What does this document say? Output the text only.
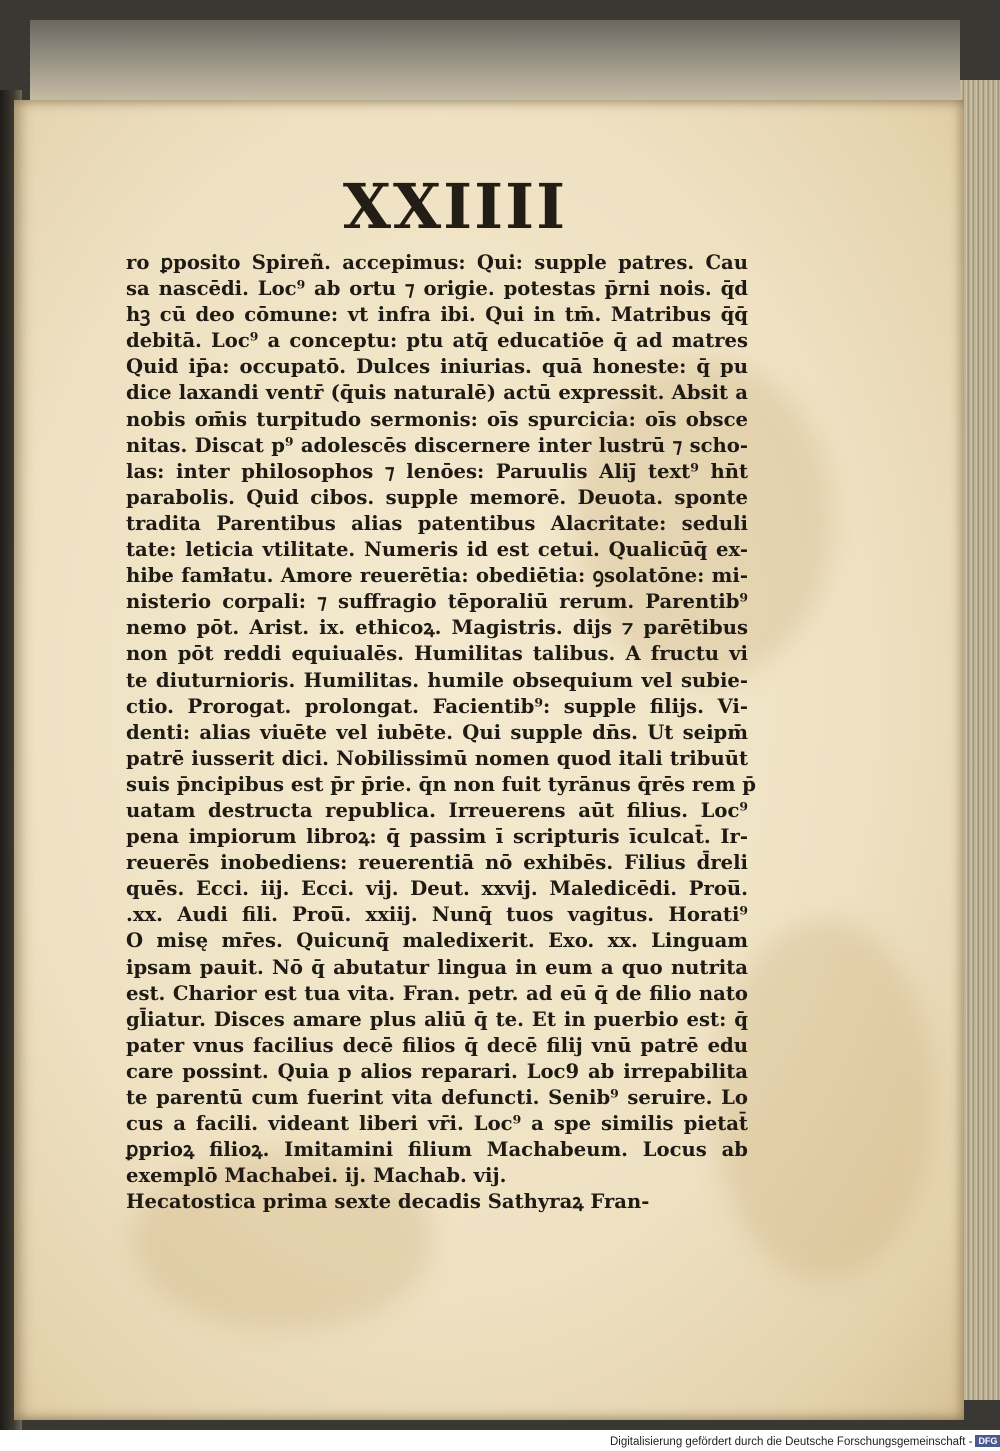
XXIIII
ro ꝑposito Spireñ. accepimus: Qui: supple patres. Cau
sa nascēdi. Loc⁹ ab ortu ⁊ origie. potestas p̄rni nois. q̄d
hꝫ cū deo cōmune: vt infra ibi. Qui in tm̄. Matribus q̄q̄
debitā. Loc⁹ a conceptu: ptu atq̄ educatiōe q̄ ad matres
Quid ip̄a: occupatō. Dulces iniurias. quā honeste: q̄ pu
dice laxandi ventr̄ (q̄uis naturalē) actū expressit. Absit a
nobis om̄is turpitudo sermonis: oīs spurcicia: oīs obsce
nitas. Discat p⁹ adolescēs discernere inter lustrū ⁊ scho-
las: inter philosophos ⁊ lenōes: Paruulis Aliȷ̄ text⁹ hn̄t
parabolis. Quid cibos. supple memorē. Deuota. sponte
tradita Parentibus alias patentibus Alacritate: seduli
tate: leticia vtilitate. Numeris id est cetui. Qualicūq̄ ex-
hibe famł̄atu. Amore reuerētia: obediētia: ꝯsolatōne: mi-
nisterio corpali: ⁊ suffragio tēporaliū rerum. Parentib⁹
nemo pōt. Arist. ix. ethicoꝝ. Magistris. dijs ⁊ parētibus
non pōt reddi equiualēs. Humilitas talibus. A fructu vi
te diuturnioris. Humilitas. humile obsequium vel subie-
ctio. Prorogat. prolongat. Facientib⁹: supple filijs. Vi-
denti: alias viuēte vel iubēte. Qui supple dn̄s. Ut seipm̄
patrē iusserit dici. Nobilissimū nomen quod itali tribuūt
suis p̄ncipibus est p̄r p̄rie. q̄n non fuit tyrānus q̄rēs rem p̄
uatam destructa republica. Irreuerens aūt filius. Loc⁹
pena impiorum libroꝝ: q̄ passim ī scripturis īculcat̄. Ir-
reuerēs inobediens: reuerentiā nō exhibēs. Filius d̄reli
quēs. Ecci. iij. Ecci. vij. Deut. xxvij. Maledicēdi. Prou̅.
.xx. Audi fili. Prou̅. xxiij. Nunq̄ tuos vagitus. Horati⁹
O misę mr̄es. Quicunq̄ maledixerit. Exo. xx. Linguam
ipsam pauit. Nō q̄ abutatur lingua in eum a quo nutrita
est. Charior est tua vita. Fran. petr. ad eū q̄ de filio nato
gl̄iatur. Disces amare plus aliū q̄ te. Et in puerbio est: q̄
pater vnus facilius decē filios q̄ decē filij vnū patrē edu
care possint. Quia p alios reparari. Loc9 ab irrepabilita
te parentū cum fuerint vita defuncti. Senib⁹ seruire. Lo
cus a facili. videant liberi vr̄i. Loc⁹ a spe similis pietat̄
ꝑprioꝝ filioꝝ. Imitamini filium Machabeum. Locus ab
exemplō Machabei. ij. Machab. vij.
Hecatostica prima sexte decadis Sathyraꝝ Fran-
Digitalisierung gefördert durch die Deutsche Forschungsgemeinschaft - DFG
